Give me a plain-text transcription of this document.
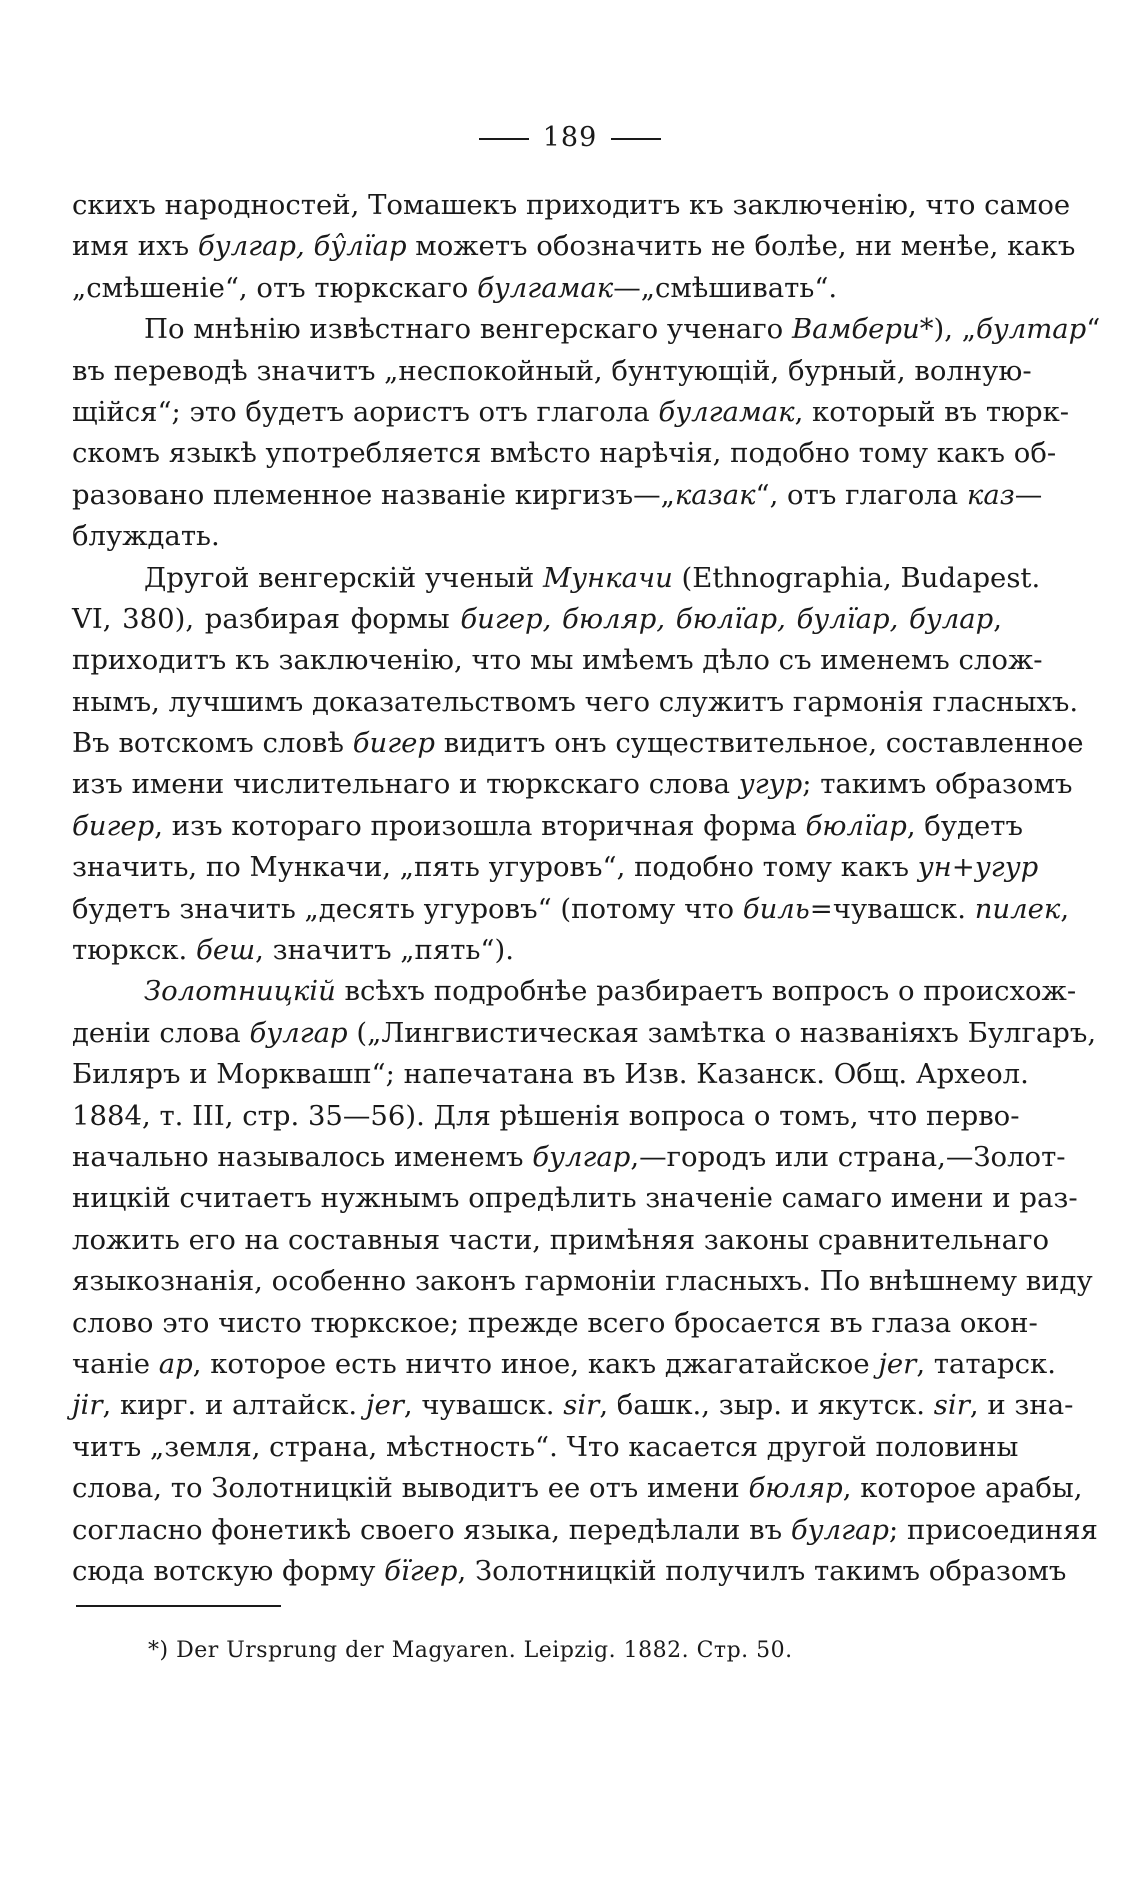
189
скихъ народностей, Томашекъ приходитъ къ заключенію, что самое
имя ихъ булгар, бу̂лїар можетъ обозначить не болѣе, ни менѣе, какъ
„смѣшеніе“, отъ тюркскаго булгамак—„смѣшивать“.
По мнѣнію извѣстнаго венгерскаго ученаго Вамбери*), „бултар“
въ переводѣ значитъ „неспокойный, бунтующій, бурный, волную-
щійся“; это будетъ аористъ отъ глагола булгамак, который въ тюрк-
скомъ языкѣ употребляется вмѣсто нарѣчія, подобно тому какъ об-
разовано племенное названіе киргизъ—„казак“, отъ глагола каз—
блуждать.
Другой венгерскій ученый Мункачи (Ethnographia, Budapest.
VI, 380), разбирая формы бигер, бюляр, бюлïар, булïар, булар,
приходитъ къ заключенію, что мы имѣемъ дѣло съ именемъ слож-
нымъ, лучшимъ доказательствомъ чего служитъ гармонія гласныхъ.
Въ вотскомъ словѣ бигер видитъ онъ существительное, составленное
изъ имени числительнаго и тюркскаго слова угур; такимъ образомъ
бигер, изъ котораго произошла вторичная форма бюлïар, будетъ
значить, по Мункачи, „пять угуровъ“, подобно тому какъ ун+угур
будетъ значить „десять угуровъ“ (потому что биль=чувашск. пилек,
тюркск. беш, значитъ „пять“).
Золотницкій всѣхъ подробнѣе разбираетъ вопросъ о происхож-
деніи слова булгар („Лингвистическая замѣтка о названіяхъ Булгаръ,
Биляръ и Морквашп“; напечатана въ Изв. Казанск. Общ. Археол.
1884, т. III, стр. 35—56). Для рѣшенія вопроса о томъ, что перво-
начально называлось именемъ булгар,—городъ или страна,—Золот-
ницкій считаетъ нужнымъ опредѣлить значеніе самаго имени и раз-
ложить его на составныя части, примѣняя законы сравнительнаго
языкознанія, особенно законъ гармоніи гласныхъ. По внѣшнему виду
слово это чисто тюркское; прежде всего бросается въ глаза окон-
чаніе ар, которое есть ничто иное, какъ джагатайское jer, татарск.
jir, кирг. и алтайск. jer, чувашск. sir, башк., зыр. и якутск. sir, и зна-
читъ „земля, страна, мѣстность“. Что касается другой половины
слова, то Золотницкій выводитъ ее отъ имени бюляр, которое арабы,
согласно фонетикѣ своего языка, передѣлали въ булгар; присоединяя
сюда вотскую форму бïгер, Золотницкій получилъ такимъ образомъ
*) Der Ursprung der Magyaren. Leipzig. 1882. Стр. 50.
